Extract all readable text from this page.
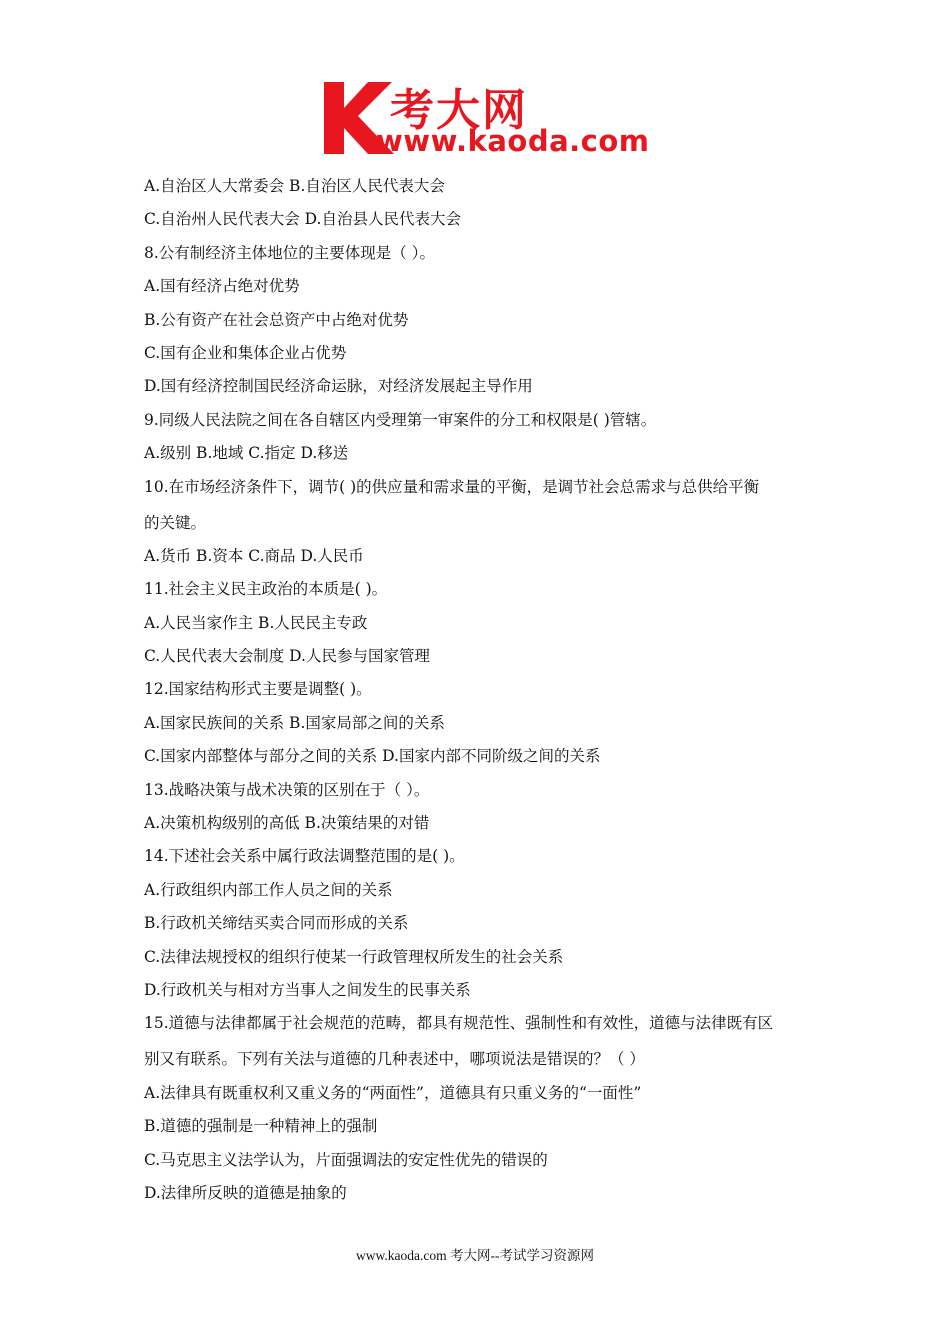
考大网
www.kaoda.com
A.自治区人大常委会 B.自治区人民代表大会
C.自治州人民代表大会 D.自治县人民代表大会
8.公有制经济主体地位的主要体现是（ ）。
A.国有经济占绝对优势
B.公有资产在社会总资产中占绝对优势
C.国有企业和集体企业占优势
D.国有经济控制国民经济命运脉，对经济发展起主导作用
9.同级人民法院之间在各自辖区内受理第一审案件的分工和权限是( )管辖。
A.级别 B.地域 C.指定 D.移送
10.在市场经济条件下，调节( )的供应量和需求量的平衡，是调节社会总需求与总供给平衡
的关键。
A.货币 B.资本 C.商品 D.人民币
11.社会主义民主政治的本质是( )。
A.人民当家作主 B.人民民主专政
C.人民代表大会制度 D.人民参与国家管理
12.国家结构形式主要是调整( )。
A.国家民族间的关系 B.国家局部之间的关系
C.国家内部整体与部分之间的关系 D.国家内部不同阶级之间的关系
13.战略决策与战术决策的区别在于（ ）。
A.决策机构级别的高低 B.决策结果的对错
14.下述社会关系中属行政法调整范围的是( )。
A.行政组织内部工作人员之间的关系
B.行政机关缔结买卖合同而形成的关系
C.法律法规授权的组织行使某一行政管理权所发生的社会关系
D.行政机关与相对方当事人之间发生的民事关系
15.道德与法律都属于社会规范的范畴，都具有规范性、强制性和有效性，道德与法律既有区
别又有联系。下列有关法与道德的几种表述中，哪项说法是错误的？（ ）
A.法律具有既重权利又重义务的“两面性”，道德具有只重义务的“一面性”
B.道德的强制是一种精神上的强制
C.马克思主义法学认为，片面强调法的安定性优先的错误的
D.法律所反映的道德是抽象的
www.kaoda.com 考大网--考试学习资源网
